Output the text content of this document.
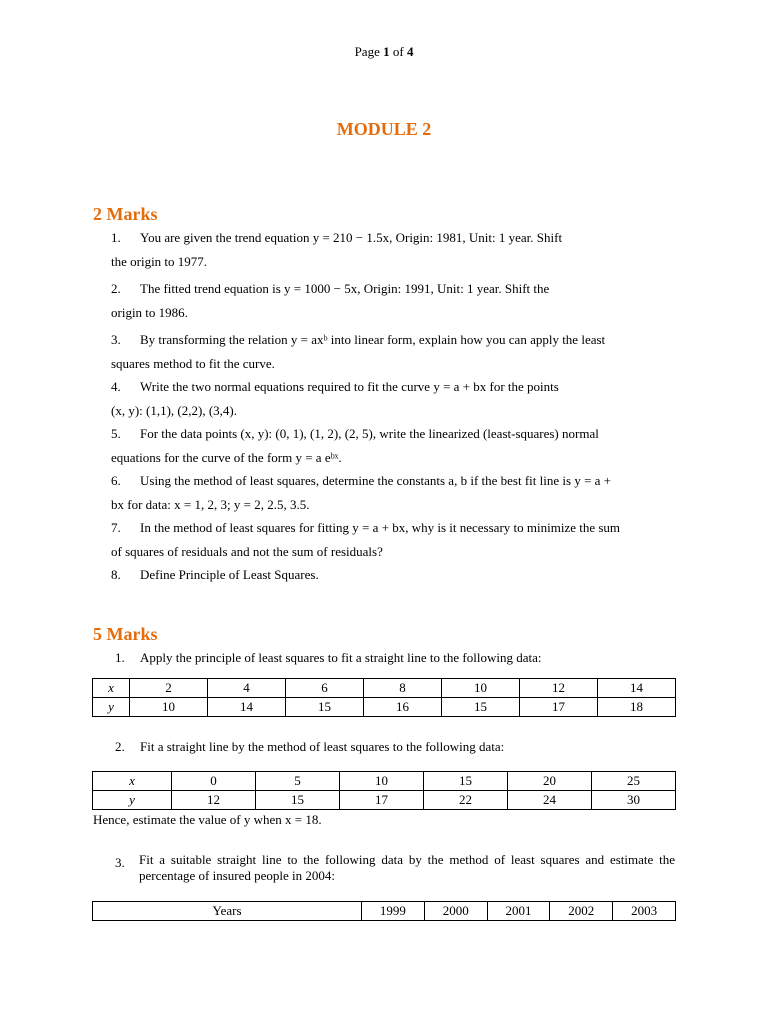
Page 1 of 4
MODULE 2
2 Marks
1. You are given the trend equation y = 210 − 1.5x, Origin: 1981, Unit: 1 year. Shift
the origin to 1977.
2. The fitted trend equation is y = 1000 − 5x, Origin: 1991, Unit: 1 year. Shift the
origin to 1986.
3. By transforming the relation y = axᵇ into linear form, explain how you can apply the least
squares method to fit the curve.
4. Write the two normal equations required to fit the curve y = a + bx for the points
(x, y): (1,1), (2,2), (3,4).
5. For the data points (x, y): (0, 1), (1, 2), (2, 5), write the linearized (least-squares) normal
equations for the curve of the form y = a eᵇˣ.
6. Using the method of least squares, determine the constants a, b if the best fit line is y = a +
bx for data: x = 1, 2, 3; y = 2, 2.5, 3.5.
7. In the method of least squares for fitting y = a + bx, why is it necessary to minimize the sum
of squares of residuals and not the sum of residuals?
8. Define Principle of Least Squares.
5 Marks
1. Apply the principle of least squares to fit a straight line to the following data:
x	2	4	6	8	10	12	14
y	10	14	15	16	15	17	18
2. Fit a straight line by the method of least squares to the following data:
x	0	5	10	15	20	25
y	12	15	17	22	24	30
Hence, estimate the value of y when x = 18.
3. Fit a suitable straight line to the following data by the method of least squares and estimate the percentage of insured people in 2004:
Years	1999	2000	2001	2002	2003
